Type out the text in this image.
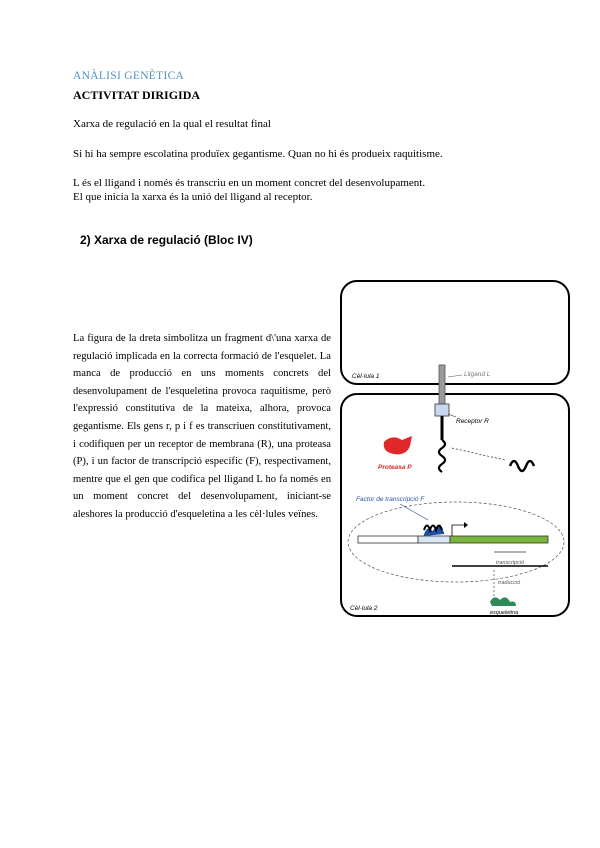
ANÀLISI GENÈTICA
ACTIVITAT DIRIGIDA
Xarxa de regulació en la qual el resultat final
Si hi ha sempre escolatina produïex gegantisme. Quan no hi és produeix raquitisme.
L és el lligand i només és transcriu en un moment concret del desenvolupament.
El que inicia la xarxa és la unió del lligand al receptor.
2) Xarxa de regulació (Bloc IV)
La figura de la dreta simbolitza un fragment d\'una xarxa de regulació implicada en la correcta formació de l'esquelet. La manca de producció en uns moments concrets del desenvolupament de l'esqueletina provoca raquitisme, però l'expressió constitutiva de la mateixa, alhora, provoca gegantisme. Els gens r, p i f es transcriuen constitutivament, i codifiquen per un receptor de membrana (R), una proteasa (P), i un factor de transcripció específic (F), respectivament, mentre que el gen que codifica pel lligand L ho fa només en un moment concret del desenvolupament, iniciant-se aleshores la producció d'esqueletina a les cèl·lules veïnes.
Cèl·lula 1
Cèl·lula 2
Lligand L
Receptor R
Proteasa P
Factor de transcripció F
transcripció
traducció
esqueletina
